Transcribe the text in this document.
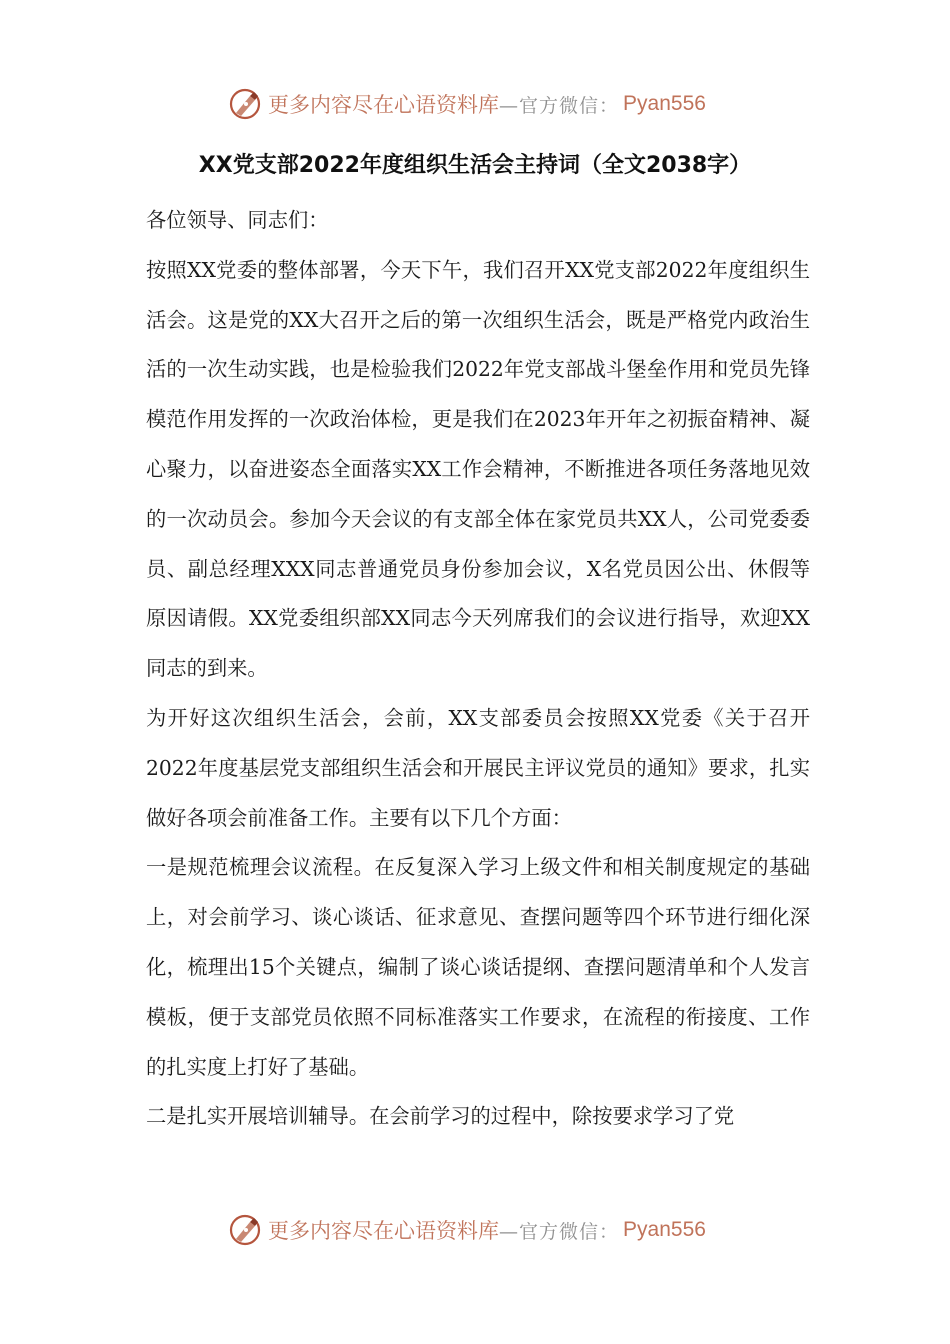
更多内容尽在心语资料库 —官方微信： Pyan556
XX党支部2022年度组织生活会主持词（全文2038字）

各位领导、同志们：

按照XX党委的整体部署，今天下午，我们召开XX党支部2022年度组织生活会。这是党的XX大召开之后的第一次组织生活会，既是严格党内政治生活的一次生动实践，也是检验我们2022年党支部战斗堡垒作用和党员先锋模范作用发挥的一次政治体检，更是我们在2023年开年之初振奋精神、凝心聚力，以奋进姿态全面落实XX工作会精神，不断推进各项任务落地见效的一次动员会。参加今天会议的有支部全体在家党员共XX人，公司党委委员、副总经理XXX同志普通党员身份参加会议，X名党员因公出、休假等原因请假。XX党委组织部XX同志今天列席我们的会议进行指导，欢迎XX同志的到来。

为开好这次组织生活会，会前，XX支部委员会按照XX党委《关于召开2022年度基层党支部组织生活会和开展民主评议党员的通知》要求，扎实做好各项会前准备工作。主要有以下几个方面：

一是规范梳理会议流程。在反复深入学习上级文件和相关制度规定的基础上，对会前学习、谈心谈话、征求意见、查摆问题等四个环节进行细化深化，梳理出15个关键点，编制了谈心谈话提纲、查摆问题清单和个人发言模板，便于支部党员依照不同标准落实工作要求，在流程的衔接度、工作的扎实度上打好了基础。

二是扎实开展培训辅导。在会前学习的过程中，除按要求学习了党

更多内容尽在心语资料库 —官方微信： Pyan556
